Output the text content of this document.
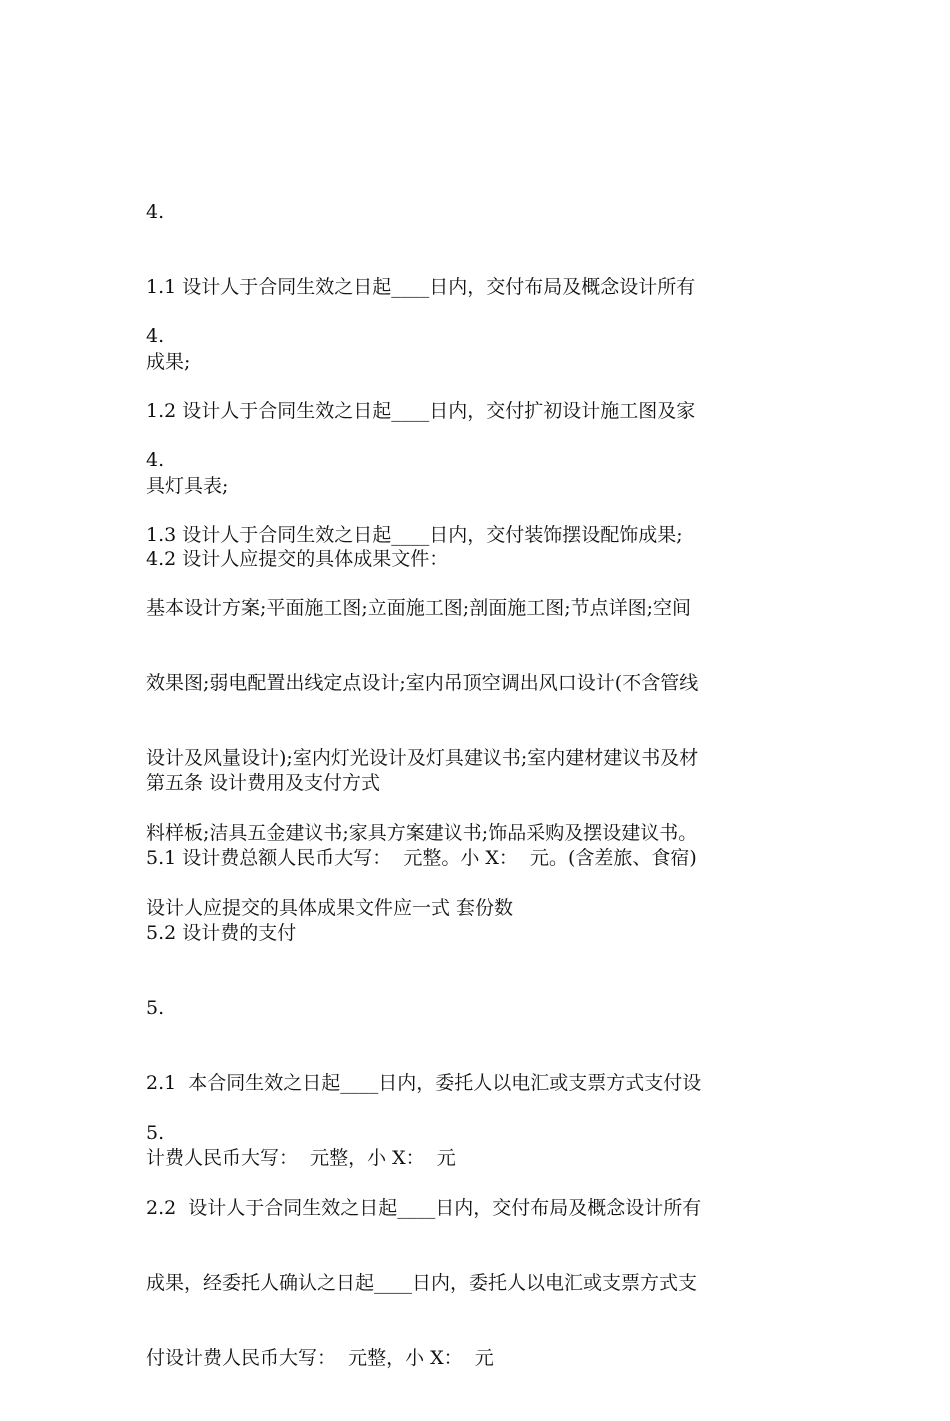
4.

1.1 设计人于合同生效之日起____日内，交付布局及概念设计所有

成果;

4.

1.2 设计人于合同生效之日起____日内，交付扩初设计施工图及家

具灯具表;

4.

1.3 设计人于合同生效之日起____日内，交付装饰摆设配饰成果;

4.2 设计人应提交的具体成果文件：

基本设计方案;平面施工图;立面施工图;剖面施工图;节点详图;空间

效果图;弱电配置出线定点设计;室内吊顶空调出风口设计(不含管线

设计及风量设计);室内灯光设计及灯具建议书;室内建材建议书及材

料样板;洁具五金建议书;家具方案建议书;饰品采购及摆设建议书。

设计人应提交的具体成果文件应一式 套份数

第五条 设计费用及支付方式

5.1 设计费总额人民币大写：  元整。小 X：  元。(含差旅、食宿)

5.2 设计费的支付

5.

2.1  本合同生效之日起____日内，委托人以电汇或支票方式支付设

计费人民币大写：  元整，小 X：  元

5.

2.2  设计人于合同生效之日起____日内，交付布局及概念设计所有

成果，经委托人确认之日起____日内，委托人以电汇或支票方式支

付设计费人民币大写：  元整，小 X：  元
